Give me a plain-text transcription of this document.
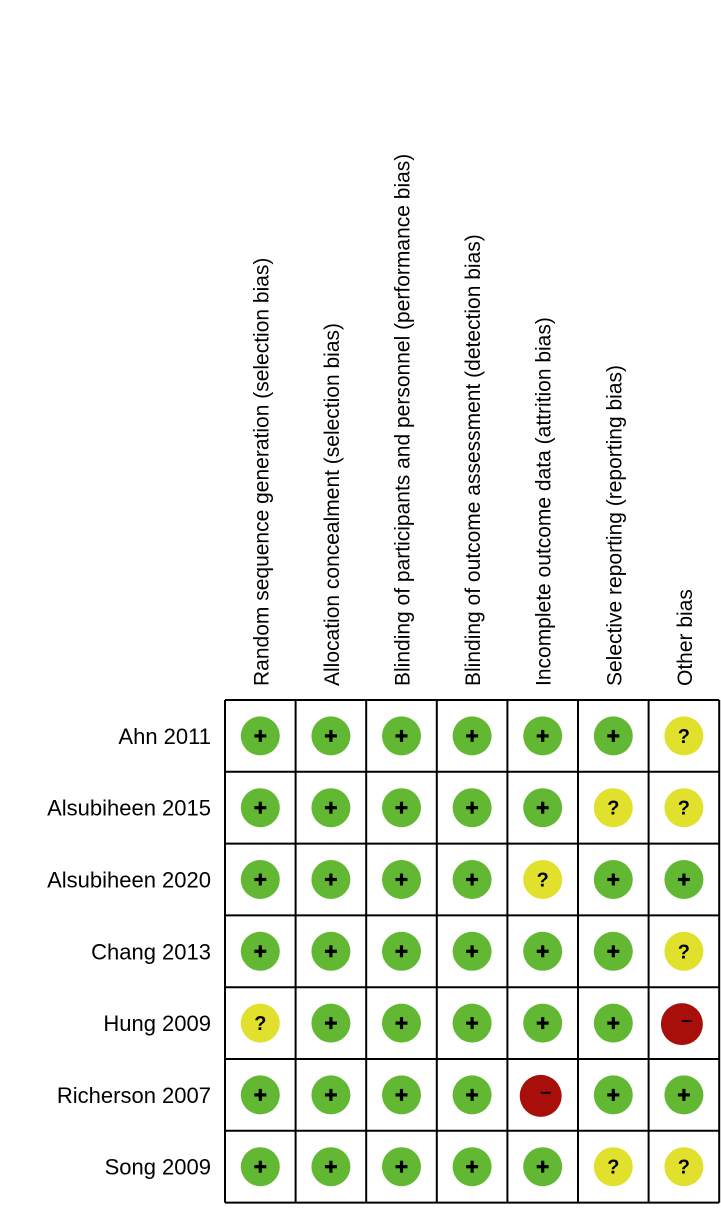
Random sequence generation (selection bias) Allocation concealment (selection bias) Blinding of participants and personnel (performance bias) Blinding of outcome assessment (detection bias) Incomplete outcome data (attrition bias) Selective reporting (reporting bias) Other bias
Ahn 2011
Alsubiheen 2015
Alsubiheen 2020
Chang 2013
Hung 2009
Richerson 2007
Song 2009
?
?	?
?
?
?
?	?
